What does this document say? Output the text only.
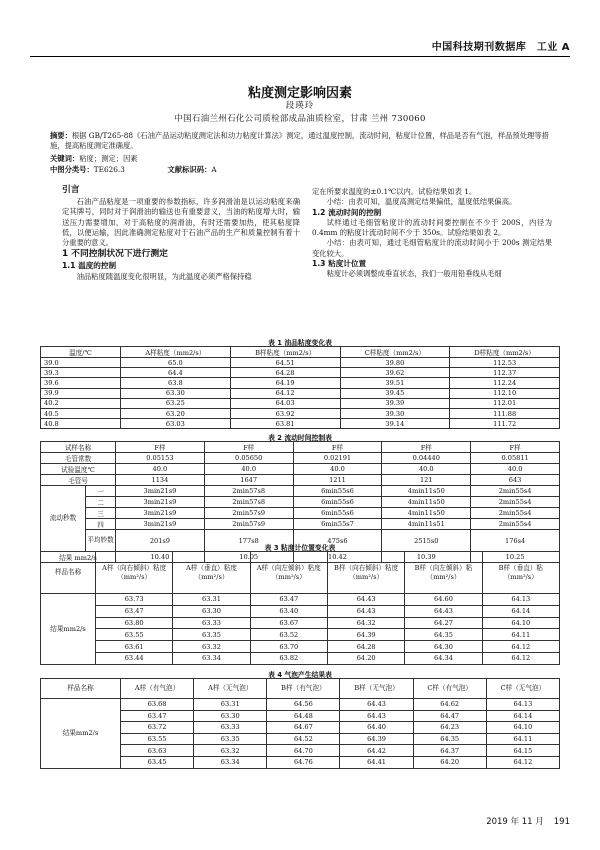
中国科技期刊数据库　工业 A
粘度测定影响因素
段瑛玲
中国石油兰州石化公司质检部成品油质检室，甘肃 兰州 730060
摘要：根据 GB/T265-88《石油产品运动粘度测定法和动力粘度计算法》测定，通过温度控制，流动时间，粘度计位置，样品是否有气泡，样品预处理等措施，提高粘度测定准确度。
关键词：粘度；测定；因素
中图分类号：TE626.3	文献标识码：A
引言

石油产品粘度是一项重要的参数指标，许多润滑油是以运动粘度来确定其牌号，同时对于润滑油的输送也有重要意义，当油的粘度增大时，输送压力需要增加，对于高粘度的润滑油，有时还需要加热，使其粘度降低，以便运输，因此准确测定粘度对于石油产品的生产和质量控制有着十分重要的意义。

1 不同控制状况下进行测定
1.1 温度的控制

油品粘度随温度变化很明显，为此温度必须严格保持稳

定在所要求温度的±0.1℃以内。试验结果如表 1。

小结：由表可知，温度高测定结果偏低，温度低结果偏高。

1.2 流动时间的控制

试样通过毛细管粘度计的流动时间要控制在不少于 200S，内径为 0.4mm 的粘度计流动时间不少于 350s。试验结果如表 2。

小结：由表可知，通过毛细管粘度计的流动时间小于 200s 测定结果变化较大。

1.3 粘度计位置

粘度计必须调整成垂直状态，我们一般用铅垂线从毛细

表 1 油品粘度变化表
温度/℃	A样粘度（mm2/s）	B样粘度（mm2/s）	C样粘度（mm2/s）	D样粘度（mm2/s）
39.0	65.0	64.51	39.80	112.53
39.3	64.4	64.28	39.62	112.37
39.6	63.8	64.19	39.51	112.24
39.9	63.30	64.12	39.45	112.10
40.2	63.25	64.03	39.39	112.01
40.5	63.20	63.92	39.30	111.88
40.8	63.03	63.81	39.14	111.72
表 2 流动时间控制表
试样名称		F样	F样	F样	F样	F样
毛管常数		0.05153	0.05650	0.02191	0.04440	0.05811
试验温度℃		40.0	40.0	40.0	40.0	40.0
毛管号		1134	1647	1211	121	643
流动秒数	一	3min21s9	2min57s8	6min55s6	4min11s50	2min55s4
	二	3min21s9	2min57s8	6min55s6	4min11s50	2min55s4
	三	3min21s9	2min57s9	6min55s6	4min11s50	2min55s4
	四	3min21s9	2min57s9	6min55s7	4min11s51	2min55s4
	平均妙数	201s9	177s8	475s6	2515s0	176s4
结果 mm2/s		10.40	10.05	10.42	10.39	10.25
表 3 粘度计位置变化表
样品名称	A样（向右倾斜）粘度（mm²/s）	A样（垂直）粘度（mm²/s）	A样（向左倾斜）粘度（mm²/s）	B样（向右倾斜）粘度（mm²/s）	B样（向左倾斜）粘（mm²/s）	B样（垂直）粘（mm²/s）
结果mm2/s	63.73	63.31	63.47	64.43	64.60	64.13
	63.47	63.30	63.40	64.43	64.43	64.14
	63.80	63.33	63.67	64.32	64.27	64.10
	63.55	63.35	63.52	64.39	64.35	64.11
	63.61	63.32	63.70	64.28	64.30	64.12
	63.44	63.34	63.82	64.20	64.34	64.12
表 4 气泡产生结果表
样品名称	A样（有气泡）	A样（无气泡）	B样（有气泡）	B样（无气泡）	C样（有气泡）	C样（无气泡）
结果mm2/s	63.68	63.31	64.56	64.43	64.62	64.13
	63.47	63.30	64.48	64.43	64.47	64.14
	63.72	63.33	64.67	64.40	64.23	64.10
	63.55	63.35	64.52	64.39	64.35	64.11
	63.63	63.32	64.70	64.42	64.37	64.15
	63.45	63.34	64.76	64.41	64.20	64.12
2019 年 11 月 191
